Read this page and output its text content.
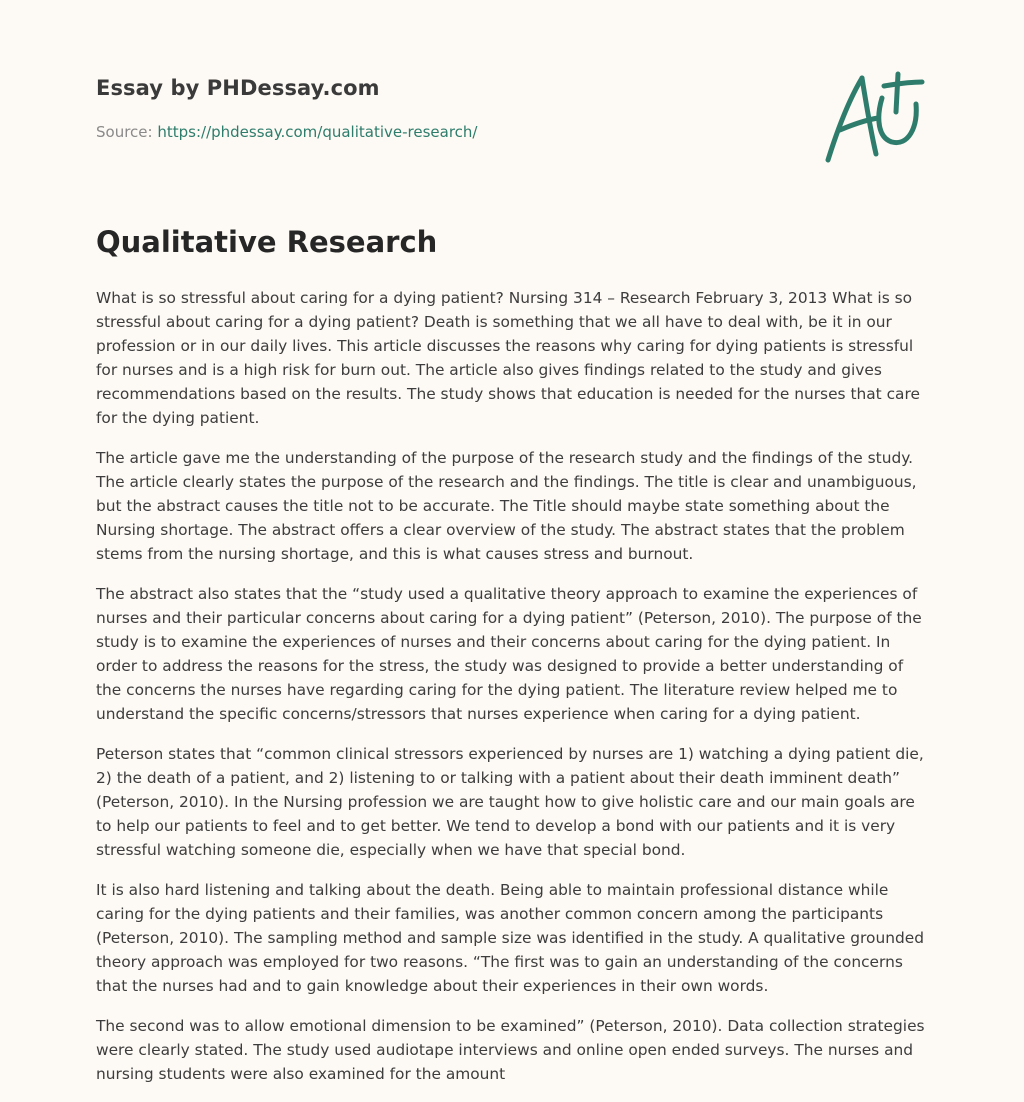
Essay by PHDessay.com
Source: https://phdessay.com/qualitative-research/
Qualitative Research

What is so stressful about caring for a dying patient? Nursing 314 – Research February 3, 2013 What is so stressful about caring for a dying patient? Death is something that we all have to deal with, be it in our profession or in our daily lives. This article discusses the reasons why caring for dying patients is stressful for nurses and is a high risk for burn out. The article also gives findings related to the study and gives recommendations based on the results. The study shows that education is needed for the nurses that care for the dying patient.

The article gave me the understanding of the purpose of the research study and the findings of the study. The article clearly states the purpose of the research and the findings. The title is clear and unambiguous, but the abstract causes the title not to be accurate. The Title should maybe state something about the Nursing shortage. The abstract offers a clear overview of the study. The abstract states that the problem stems from the nursing shortage, and this is what causes stress and burnout.

The abstract also states that the “study used a qualitative theory approach to examine the experiences of nurses and their particular concerns about caring for a dying patient” (Peterson, 2010). The purpose of the study is to examine the experiences of nurses and their concerns about caring for the dying patient. In order to address the reasons for the stress, the study was designed to provide a better understanding of the concerns the nurses have regarding caring for the dying patient. The literature review helped me to understand the specific concerns/stressors that nurses experience when caring for a dying patient.

Peterson states that “common clinical stressors experienced by nurses are 1) watching a dying patient die, 2) the death of a patient, and 2) listening to or talking with a patient about their death imminent death” (Peterson, 2010). In the Nursing profession we are taught how to give holistic care and our main goals are to help our patients to feel and to get better. We tend to develop a bond with our patients and it is very stressful watching someone die, especially when we have that special bond.

It is also hard listening and talking about the death. Being able to maintain professional distance while caring for the dying patients and their families, was another common concern among the participants (Peterson, 2010). The sampling method and sample size was identified in the study. A qualitative grounded theory approach was employed for two reasons. “The first was to gain an understanding of the concerns that the nurses had and to gain knowledge about their experiences in their own words.

The second was to allow emotional dimension to be examined” (Peterson, 2010). Data collection strategies were clearly stated. The study used audiotape interviews and online open ended surveys. The nurses and nursing students were also examined for the amount
